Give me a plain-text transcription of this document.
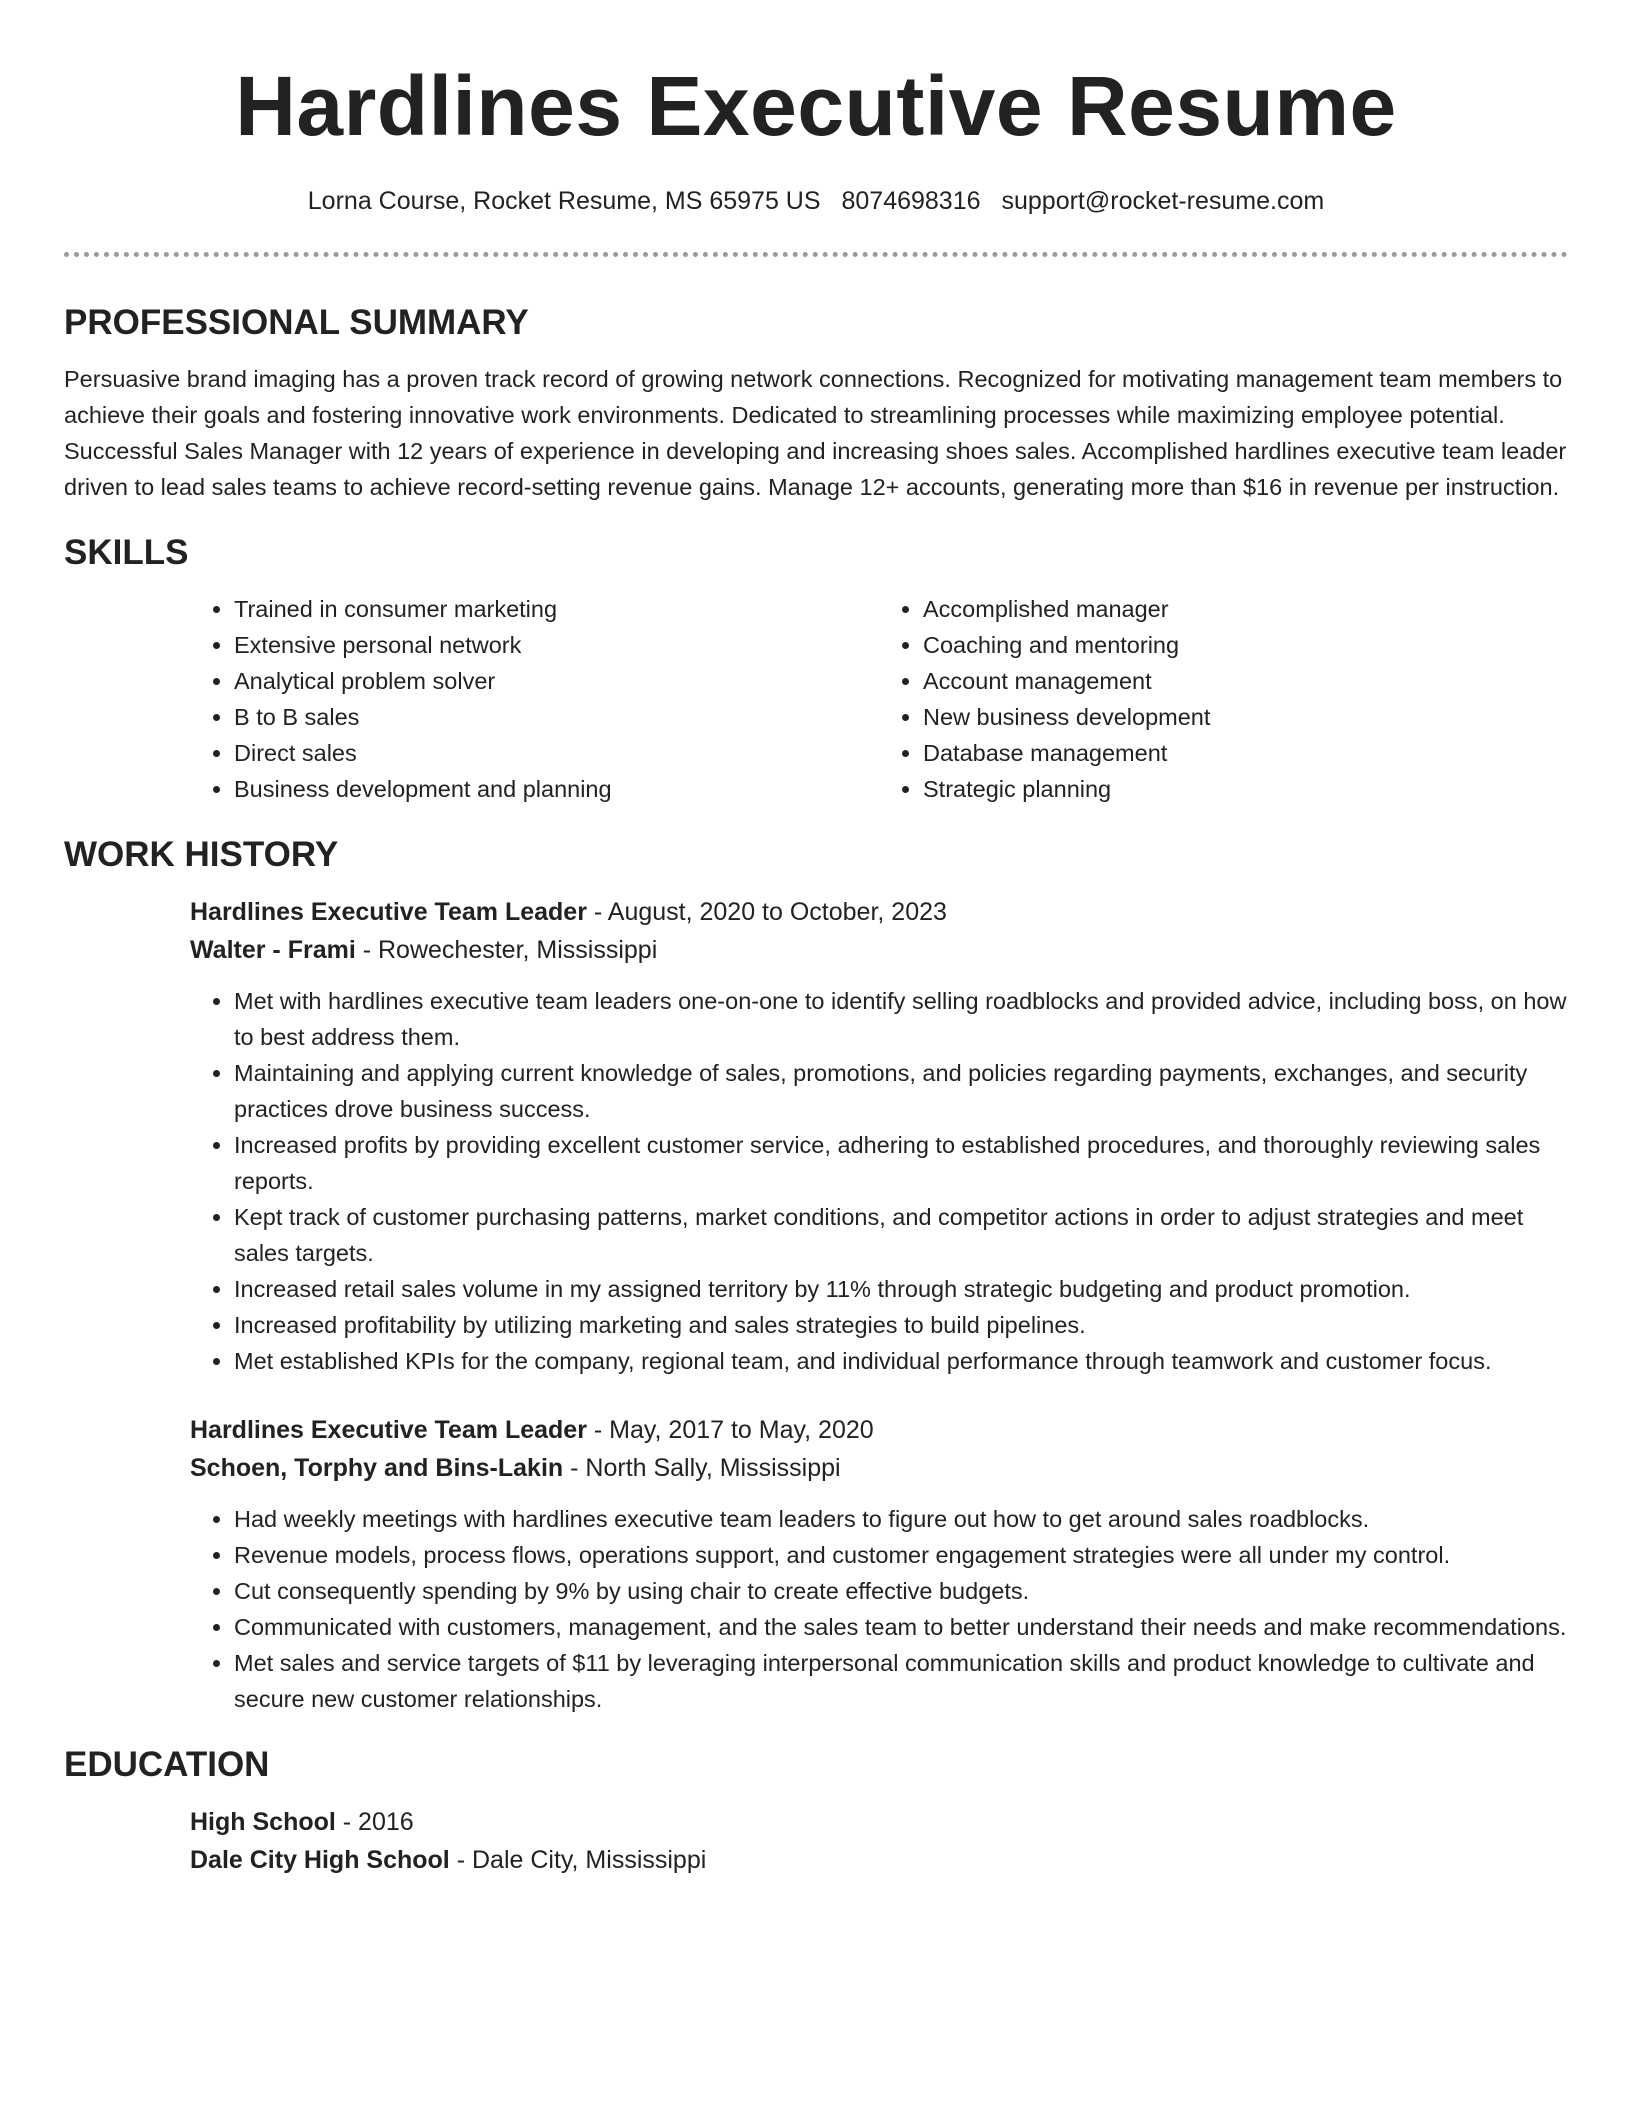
Hardlines Executive Resume
Lorna Course, Rocket Resume, MS 65975 US 8074698316 support@rocket-resume.com
PROFESSIONAL SUMMARY

Persuasive brand imaging has a proven track record of growing network connections. Recognized for motivating management team members to achieve their goals and fostering innovative work environments. Dedicated to streamlining processes while maximizing employee potential. Successful Sales Manager with 12 years of experience in developing and increasing shoes sales. Accomplished hardlines executive team leader driven to lead sales teams to achieve record-setting revenue gains. Manage 12+ accounts, generating more than $16 in revenue per instruction.

SKILLS
• Trained in consumer marketing
• Extensive personal network
• Analytical problem solver
• B to B sales
• Direct sales
• Business development and planning
• Accomplished manager
• Coaching and mentoring
• Account management
• New business development
• Database management
• Strategic planning
WORK HISTORY
Hardlines Executive Team Leader - August, 2020 to October, 2023
Walter - Frami - Rowechester, Mississippi
• Met with hardlines executive team leaders one-on-one to identify selling roadblocks and provided advice, including boss, on how to best address them.
• Maintaining and applying current knowledge of sales, promotions, and policies regarding payments, exchanges, and security practices drove business success.
• Increased profits by providing excellent customer service, adhering to established procedures, and thoroughly reviewing sales reports.
• Kept track of customer purchasing patterns, market conditions, and competitor actions in order to adjust strategies and meet sales targets.
• Increased retail sales volume in my assigned territory by 11% through strategic budgeting and product promotion.
• Increased profitability by utilizing marketing and sales strategies to build pipelines.
• Met established KPIs for the company, regional team, and individual performance through teamwork and customer focus.
Hardlines Executive Team Leader - May, 2017 to May, 2020
Schoen, Torphy and Bins-Lakin - North Sally, Mississippi
• Had weekly meetings with hardlines executive team leaders to figure out how to get around sales roadblocks.
• Revenue models, process flows, operations support, and customer engagement strategies were all under my control.
• Cut consequently spending by 9% by using chair to create effective budgets.
• Communicated with customers, management, and the sales team to better understand their needs and make recommendations.
• Met sales and service targets of $11 by leveraging interpersonal communication skills and product knowledge to cultivate and secure new customer relationships.
EDUCATION
High School - 2016
Dale City High School - Dale City, Mississippi
